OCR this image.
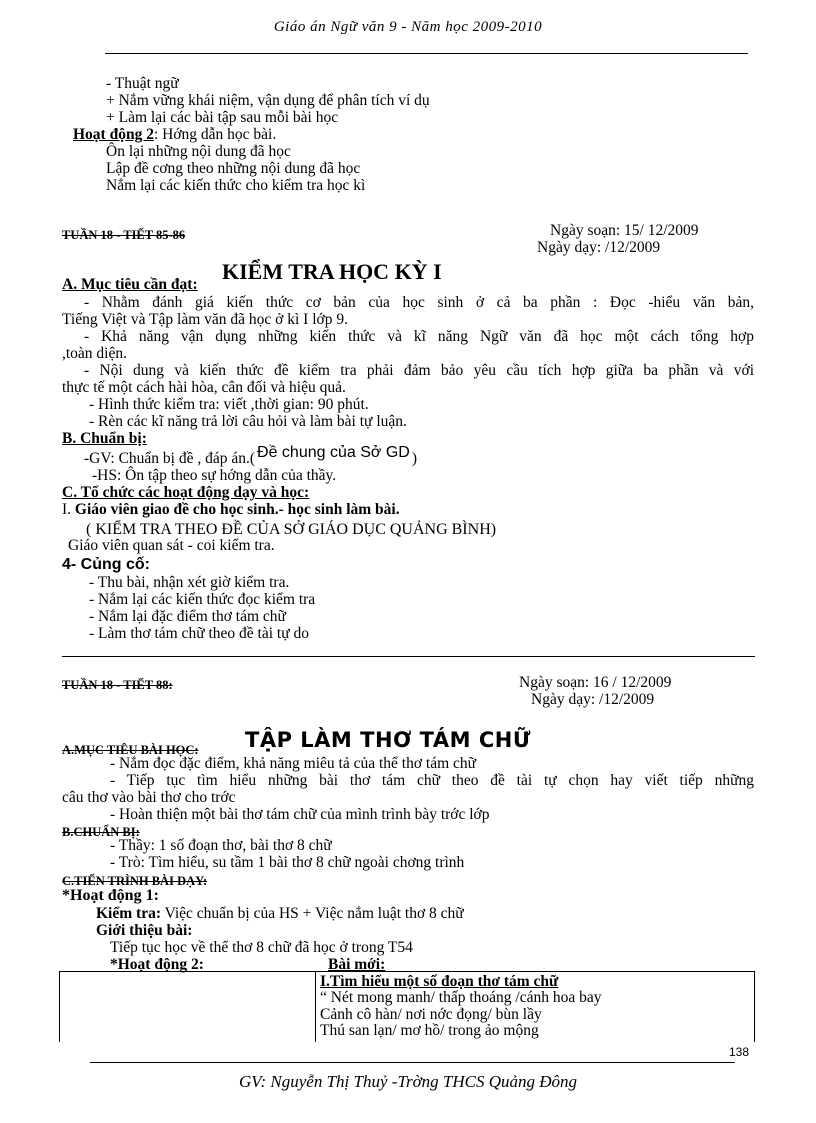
Giáo án Ngữ văn 9 - Năm học 2009-2010
- Thuật ngữ
+ Nắm vững khái niệm, vận dụng để phân tích ví dụ
+ Làm lại các bài tập sau mỗi bài học
Hoạt động 2: Hớng dẫn học bài.
Ôn lại những nội dung đã học
Lập đề cơng theo những nội dung đã học
Nắm lại các kiến thức cho kiểm tra học kì
TUẦN 18 - TIẾT 85-86	Ngày soạn: 15/ 12/2009
Ngày dạy: /12/2009
KIỂM TRA HỌC KỲ I
A. Mục tiêu cần đạt:
- Nhằm đánh giá kiến thức cơ bản của học sinh ở cả ba phần : Đọc -hiểu văn bản,
Tiếng Việt và Tập làm văn đã học ở kì I lớp 9.
- Khả năng vận dụng những kiến thức và kĩ năng Ngữ văn đã học một cách tổng hợp
,toàn diện.
- Nội dung và kiến thức đề kiểm tra phải đảm bảo yêu cầu tích hợp giữa ba phần và với
thực tế một cách hài hòa, cân đối và hiệu quả.
- Hình thức kiểm tra: viết ,thời gian: 90 phút.
- Rèn các kĩ năng trả lời câu hỏi và làm bài tự luận.
B. Chuẩn bị:
-GV: Chuẩn bị đề , đáp án.( Đề chung của Sở GD )
-HS: Ôn tập theo sự hớng dẫn của thầy.
C. Tổ chức các hoạt động dạy và học:
I. Giáo viên giao đề cho học sinh.- học sinh làm bài.
( KIỂM TRA THEO ĐỀ CỦA SỞ GIÁO DỤC QUẢNG BÌNH)
Giáo viên quan sát - coi kiểm tra.
4- Củng cố:
- Thu bài, nhận xét giờ kiểm tra.
- Nắm lại các kiến thức đọc kiểm tra
- Nắm lại đặc điểm thơ tám chữ
- Làm thơ tám chữ theo đề tài tự do
TUẦN 18 - TIẾT 88:	Ngày soạn: 16 / 12/2009
Ngày dạy: /12/2009
A.MỤC TIÊU BÀI HỌC: TẬP LÀM THƠ TÁM CHỮ
- Nắm đọc đặc điểm, khả năng miêu tả của thể thơ tám chữ
- Tiếp tục tìm hiểu những bài thơ tám chữ theo đề tài tự chọn hay viết tiếp những
câu thơ vào bài thơ cho trớc
- Hoàn thiện một bài thơ tám chữ của mình trình bày trớc lớp
B.CHUẨN BỊ:
- Thầy: 1 số đoạn thơ, bài thơ 8 chữ
- Trò: Tìm hiểu, su tầm 1 bài thơ 8 chữ ngoài chơng trình
C.TIẾN TRÌNH BÀI DẠY:
*Hoạt động 1:
Kiểm tra: Việc chuẩn bị của HS + Việc nắm luật thơ 8 chữ
Giới thiệu bài:
Tiếp tục học về thể thơ 8 chữ đã học ở trong T54
*Hoạt động 2:	Bài mới:

I.Tìm hiểu một số đoạn thơ tám chữ
“ Nét mong manh/ thấp thoáng /cánh hoa bay
Cảnh cô hàn/ nơi nớc đọng/ bùn lầy
Thú san lạn/ mơ hồ/ trong ảo mộng
138
GV: Nguyễn Thị Thuỷ -Trờng THCS Quảng Đông
